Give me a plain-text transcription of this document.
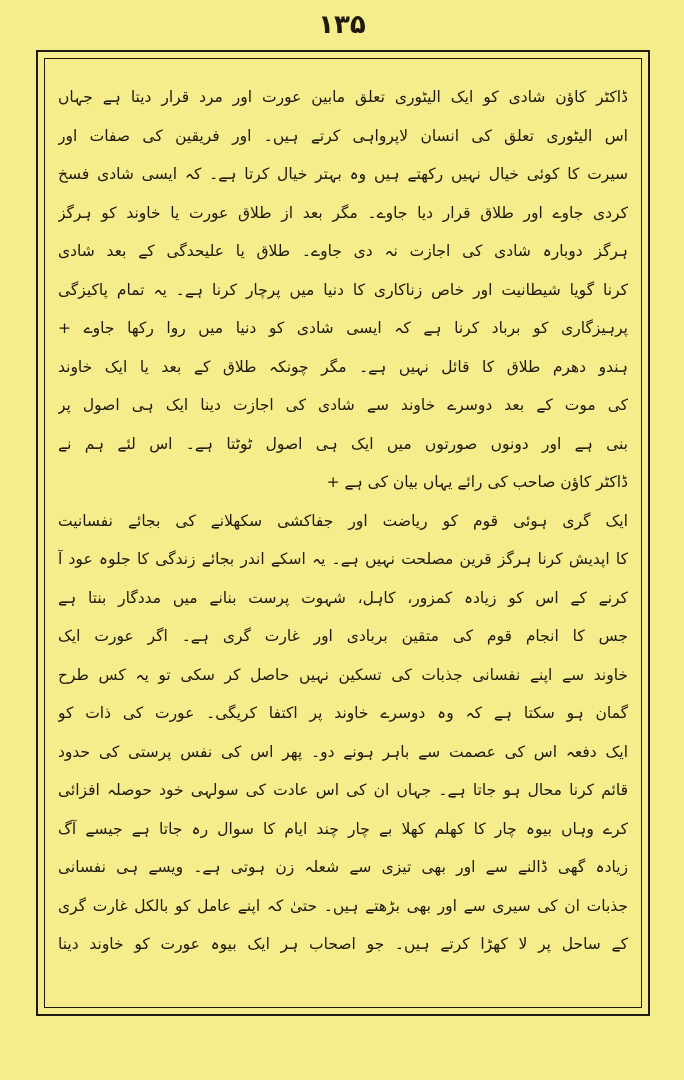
۱۳۵
ڈاکٹر کاؤن شادی کو ایک الیٹوری تعلق مابین عورت اور مرد قرار دیتا ہے جہاں
اس الیٹوری تعلق کی انسان لاپرواہی کرتے ہیں۔ اور فریقین کی صفات اور
سیرت کا کوئی خیال نہیں رکھتے ہیں وہ بہتر خیال کرتا ہے۔ کہ ایسی شادی فسخ
کردی جاوے اور طلاق قرار دیا جاوے۔ مگر بعد از طلاق عورت یا خاوند کو ہرگز
ہرگز دوبارہ شادی کی اجازت نہ دی جاوے۔ طلاق یا علیحدگی کے بعد شادی
کرنا گویا شیطانیت اور خاص زناکاری کا دنیا میں پرچار کرنا ہے۔ یہ تمام پاکیزگی
پرہیزگاری کو برباد کرنا ہے کہ ایسی شادی کو دنیا میں روا رکھا جاوے +
ہندو دھرم طلاق کا قائل نہیں ہے۔ مگر چونکہ طلاق کے بعد یا ایک خاوند
کی موت کے بعد دوسرے خاوند سے شادی کی اجازت دینا ایک ہی اصول پر
بنی ہے اور دونوں صورتوں میں ایک ہی اصول ٹوٹتا ہے۔ اس لئے ہم نے
ڈاکٹر کاؤن صاحب کی رائے یہاں بیان کی ہے +
ایک گری ہوئی قوم کو ریاضت اور جفاکشی سکھلانے کی بجائے نفسانیت
کا اپدیش کرنا ہرگز قرین مصلحت نہیں ہے۔ یہ اسکے اندر بجائے زندگی کا جلوہ عود آ
کرنے کے اس کو زیادہ کمزور، کاہل، شہوت پرست بنانے میں مددگار بنتا ہے
جس کا انجام قوم کی متقین بربادی اور غارت گری ہے۔ اگر عورت ایک
خاوند سے اپنے نفسانی جذبات کی تسکین نہیں حاصل کر سکی تو یہ کس طرح
گمان ہو سکتا ہے کہ وہ دوسرے خاوند پر اکتفا کریگی۔ عورت کی ذات کو
ایک دفعہ اس کی عصمت سے باہر ہونے دو۔ پھر اس کی نفس پرستی کی حدود
قائم کرنا محال ہو جاتا ہے۔ جہاں ان کی اس عادت کی سولہی خود حوصلہ افزائی
کرے وہاں بیوہ چار کا کھلم کھلا بے چار چند ایام کا سوال رہ جاتا ہے جیسے آگ
زیادہ گھی ڈالنے سے اور بھی تیزی سے شعلہ زن ہوتی ہے۔ ویسے ہی نفسانی
جذبات ان کی سیری سے اور بھی بڑھتے ہیں۔ حتیٰ کہ اپنے عامل کو بالکل غارت گری
کے ساحل پر لا کھڑا کرتے ہیں۔ جو اصحاب ہر ایک بیوہ عورت کو خاوند دینا
